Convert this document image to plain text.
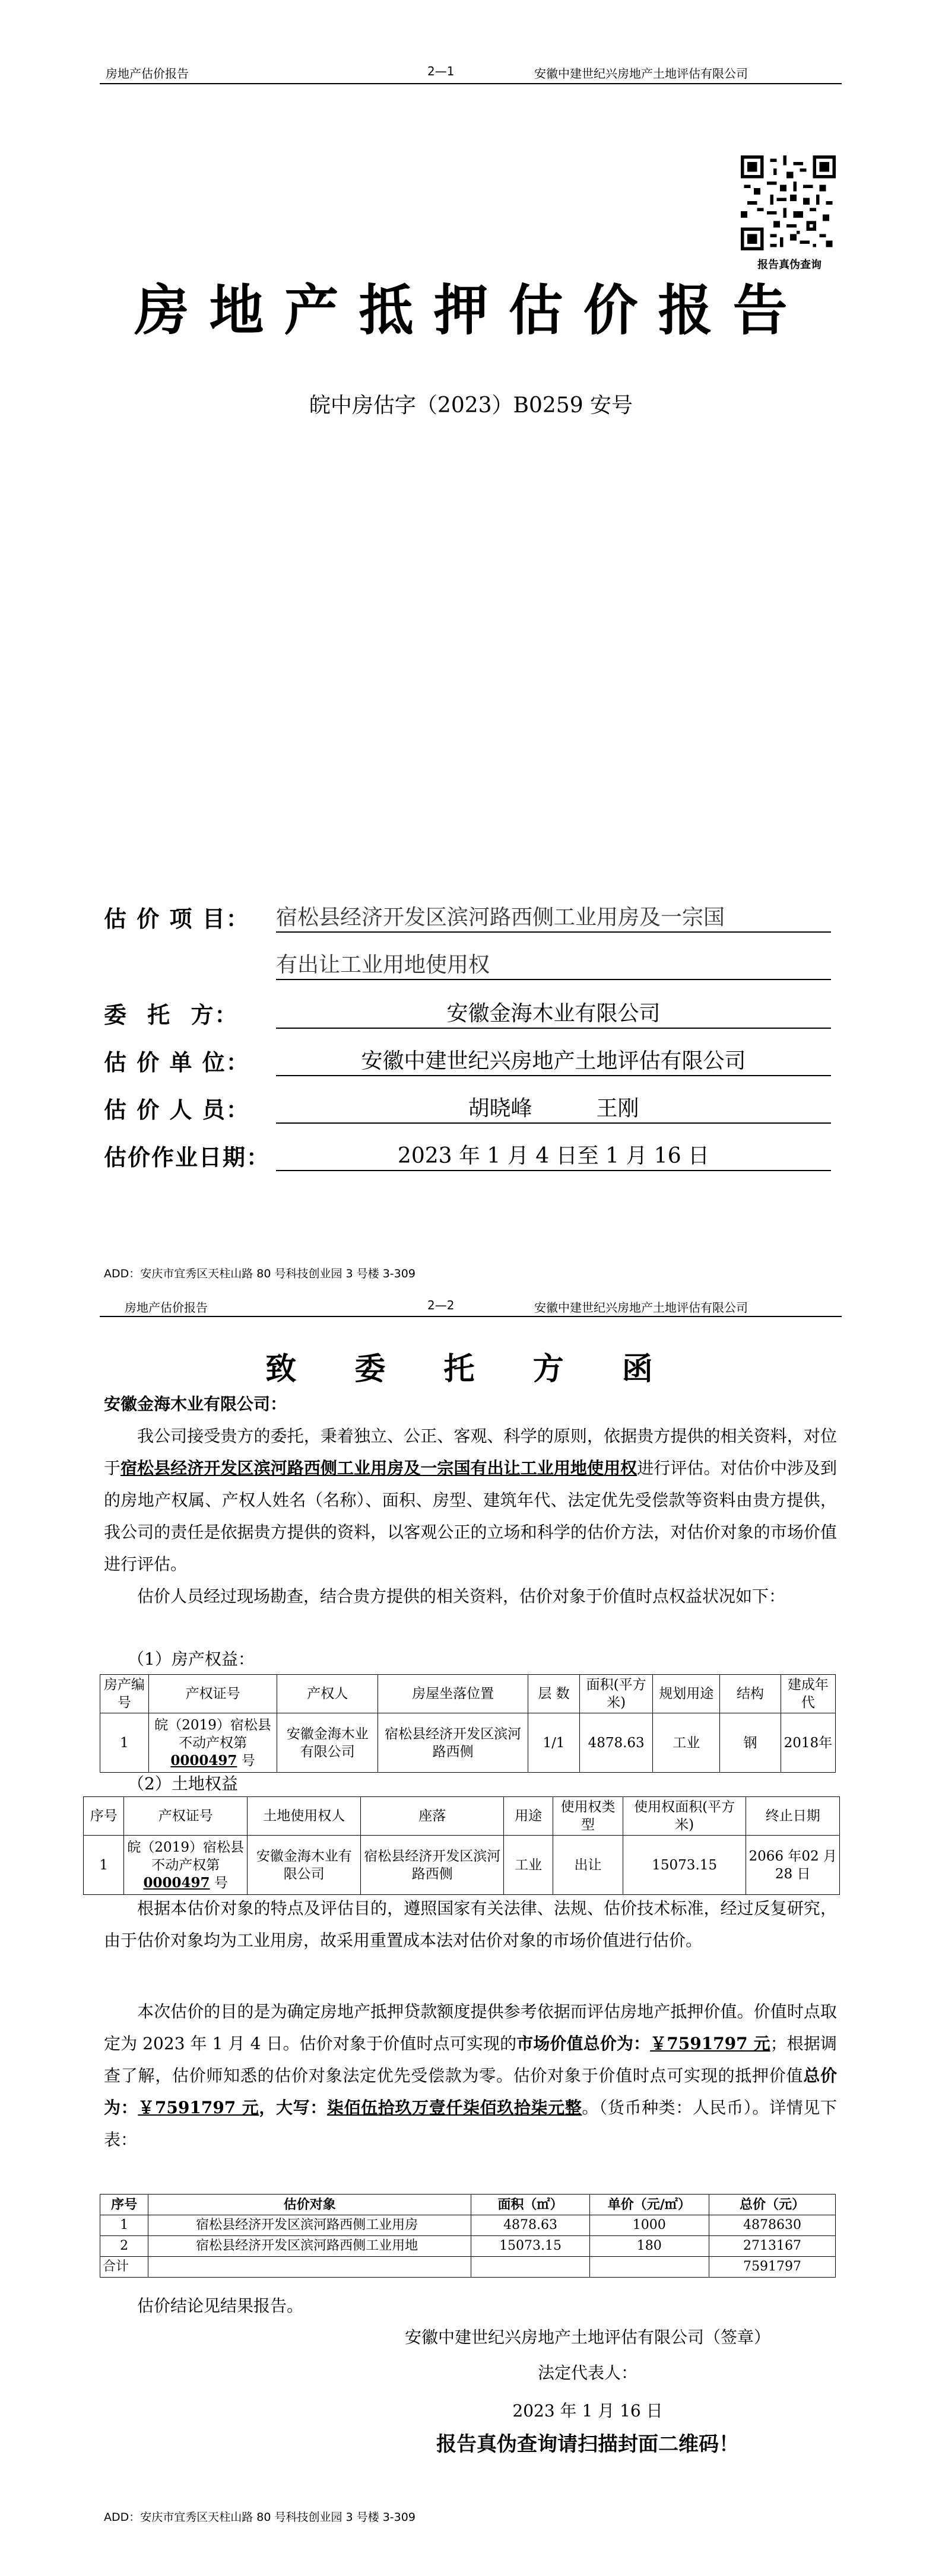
房地产估价报告	2—1	安徽中建世纪兴房地产土地评估有限公司
报告真伪查询
房地产抵押估价报告
皖中房估字（2023）B0259 安号
估 价 项 目： 宿松县经济开发区滨河路西侧工业用房及一宗国
有出让工业用地使用权
委 托 方：	安徽金海木业有限公司
估 价 单 位：	安徽中建世纪兴房地产土地评估有限公司
估 价 人 员：	胡晓峰　　　王刚
估价作业日期：	2023 年 1 月 4 日至 1 月 16 日
ADD：安庆市宜秀区天柱山路 80 号科技创业园 3 号楼 3-309
房地产估价报告	2—2	安徽中建世纪兴房地产土地评估有限公司
致 委 托 方 函
安徽金海木业有限公司：
我公司接受贵方的委托，秉着独立、公正、客观、科学的原则，依据贵方提供的相关资料，对位于宿松县经济开发区滨河路西侧工业用房及一宗国有出让工业用地使用权进行评估。对估价中涉及到的房地产权属、产权人姓名（名称）、面积、房型、建筑年代、法定优先受偿款等资料由贵方提供，我公司的责任是依据贵方提供的资料，以客观公正的立场和科学的估价方法，对估价对象的市场价值进行评估。
估价人员经过现场勘查，结合贵方提供的相关资料，估价对象于价值时点权益状况如下：
（1）房产权益：
房产编号	产权证号	产权人	房屋坐落位置	层 数	面积(平方米)	规划用途	结构	建成年代
1	皖（2019）宿松县不动产权第 0000497 号	安徽金海木业有限公司	宿松县经济开发区滨河路西侧	1/1	4878.63	工业	钢	2018年
（2）土地权益
序号	产权证号	土地使用权人	座落	用途	使用权类型	使用权面积(平方米)	终止日期
1	皖（2019）宿松县不动产权第 0000497 号	安徽金海木业有限公司	宿松县经济开发区滨河路西侧	工业	出让	15073.15	2066 年02 月 28 日
根据本估价对象的特点及评估目的，遵照国家有关法律、法规、估价技术标准，经过反复研究，由于估价对象均为工业用房，故采用重置成本法对估价对象的市场价值进行估价。
本次估价的目的是为确定房地产抵押贷款额度提供参考依据而评估房地产抵押价值。价值时点取定为 2023 年 1 月 4 日。估价对象于价值时点可实现的市场价值总价为：￥7591797 元；根据调查了解，估价师知悉的估价对象法定优先受偿款为零。估价对象于价值时点可实现的抵押价值总价为：￥7591797 元，大写：柒佰伍拾玖万壹仟柒佰玖拾柒元整。（货币种类：人民币）。详情见下表：
序号	估价对象	面积（㎡）	单价（元/㎡）	总价（元）
1	宿松县经济开发区滨河路西侧工业用房	4878.63	1000	4878630
2	宿松县经济开发区滨河路西侧工业用地	15073.15	180	2713167
合计				7591797
估价结论见结果报告。
安徽中建世纪兴房地产土地评估有限公司（签章）
法定代表人：
2023 年 1 月 16 日
报告真伪查询请扫描封面二维码！
ADD：安庆市宜秀区天柱山路 80 号科技创业园 3 号楼 3-309
